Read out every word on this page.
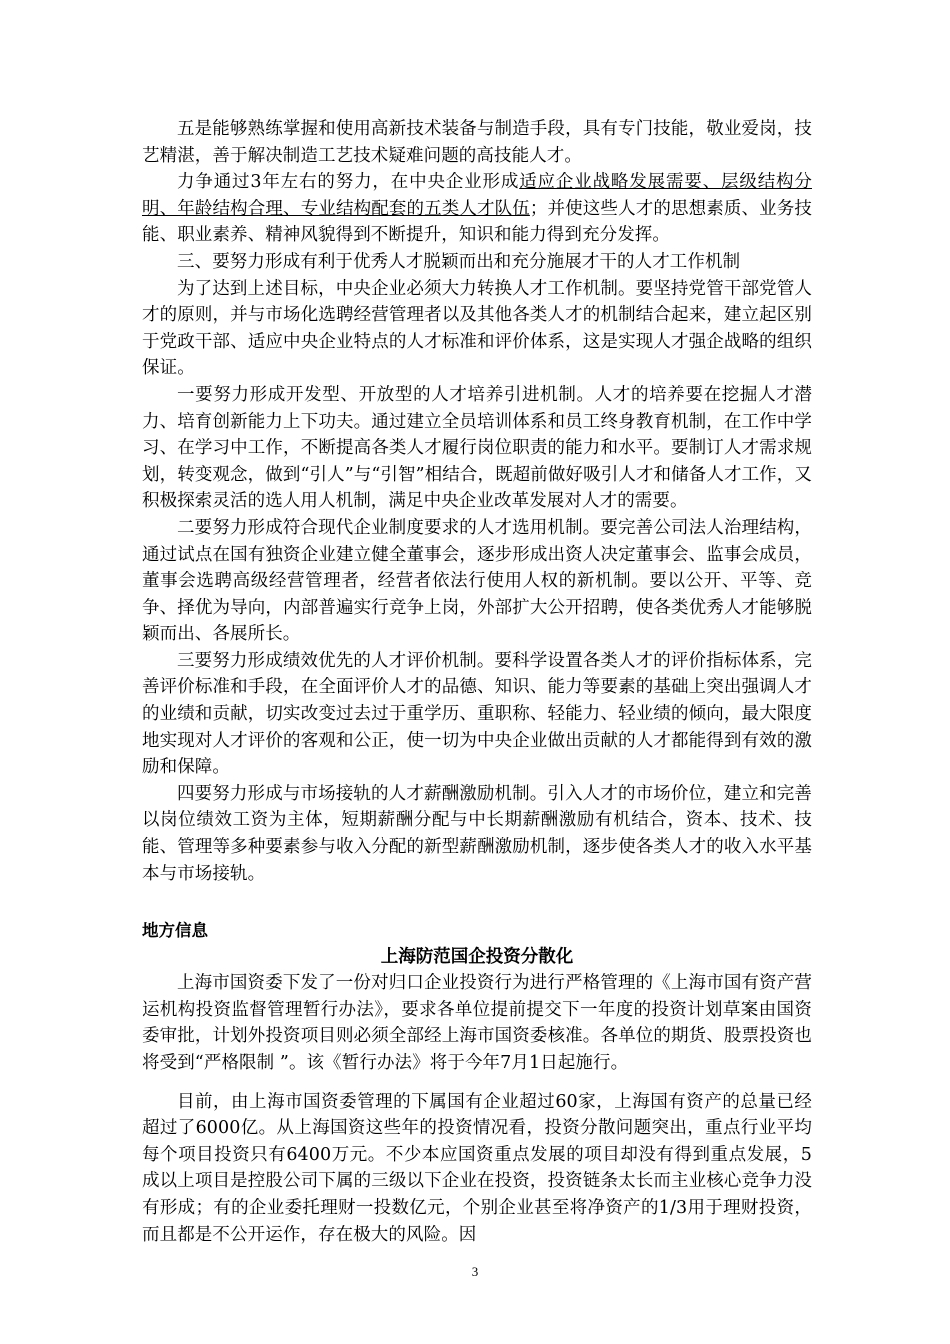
五是能够熟练掌握和使用高新技术装备与制造手段，具有专门技能，敬业爱岗，技艺精湛，善于解决制造工艺技术疑难问题的高技能人才。

力争通过3年左右的努力，在中央企业形成适应企业战略发展需要、层级结构分明、年龄结构合理、专业结构配套的五类人才队伍；并使这些人才的思想素质、业务技能、职业素养、精神风貌得到不断提升，知识和能力得到充分发挥。

三、要努力形成有利于优秀人才脱颖而出和充分施展才干的人才工作机制

为了达到上述目标，中央企业必须大力转换人才工作机制。要坚持党管干部党管人才的原则，并与市场化选聘经营管理者以及其他各类人才的机制结合起来，建立起区别于党政干部、适应中央企业特点的人才标准和评价体系，这是实现人才强企战略的组织保证。

一要努力形成开发型、开放型的人才培养引进机制。人才的培养要在挖掘人才潜力、培育创新能力上下功夫。通过建立全员培训体系和员工终身教育机制，在工作中学习、在学习中工作，不断提高各类人才履行岗位职责的能力和水平。要制订人才需求规划，转变观念，做到“引人”与“引智”相结合，既超前做好吸引人才和储备人才工作，又积极探索灵活的选人用人机制，满足中央企业改革发展对人才的需要。

二要努力形成符合现代企业制度要求的人才选用机制。要完善公司法人治理结构，通过试点在国有独资企业建立健全董事会，逐步形成出资人决定董事会、监事会成员，董事会选聘高级经营管理者，经营者依法行使用人权的新机制。要以公开、平等、竞争、择优为导向，内部普遍实行竞争上岗，外部扩大公开招聘，使各类优秀人才能够脱颖而出、各展所长。

三要努力形成绩效优先的人才评价机制。要科学设置各类人才的评价指标体系，完善评价标准和手段，在全面评价人才的品德、知识、能力等要素的基础上突出强调人才的业绩和贡献，切实改变过去过于重学历、重职称、轻能力、轻业绩的倾向，最大限度地实现对人才评价的客观和公正，使一切为中央企业做出贡献的人才都能得到有效的激励和保障。

四要努力形成与市场接轨的人才薪酬激励机制。引入人才的市场价位，建立和完善以岗位绩效工资为主体，短期薪酬分配与中长期薪酬激励有机结合，资本、技术、技能、管理等多种要素参与收入分配的新型薪酬激励机制，逐步使各类人才的收入水平基本与市场接轨。

地方信息
上海防范国企投资分散化

上海市国资委下发了一份对归口企业投资行为进行严格管理的《上海市国有资产营运机构投资监督管理暂行办法》，要求各单位提前提交下一年度的投资计划草案由国资委审批，计划外投资项目则必须全部经上海市国资委核准。各单位的期货、股票投资也将受到“严格限制 ”。该《暂行办法》将于今年7月1日起施行。

目前，由上海市国资委管理的下属国有企业超过60家，上海国有资产的总量已经超过了6000亿。从上海国资这些年的投资情况看，投资分散问题突出，重点行业平均每个项目投资只有6400万元。不少本应国资重点发展的项目却没有得到重点发展，5成以上项目是控股公司下属的三级以下企业在投资，投资链条太长而主业核心竞争力没有形成；有的企业委托理财一投数亿元，个别企业甚至将净资产的1/3用于理财投资，而且都是不公开运作，存在极大的风险。因

3
